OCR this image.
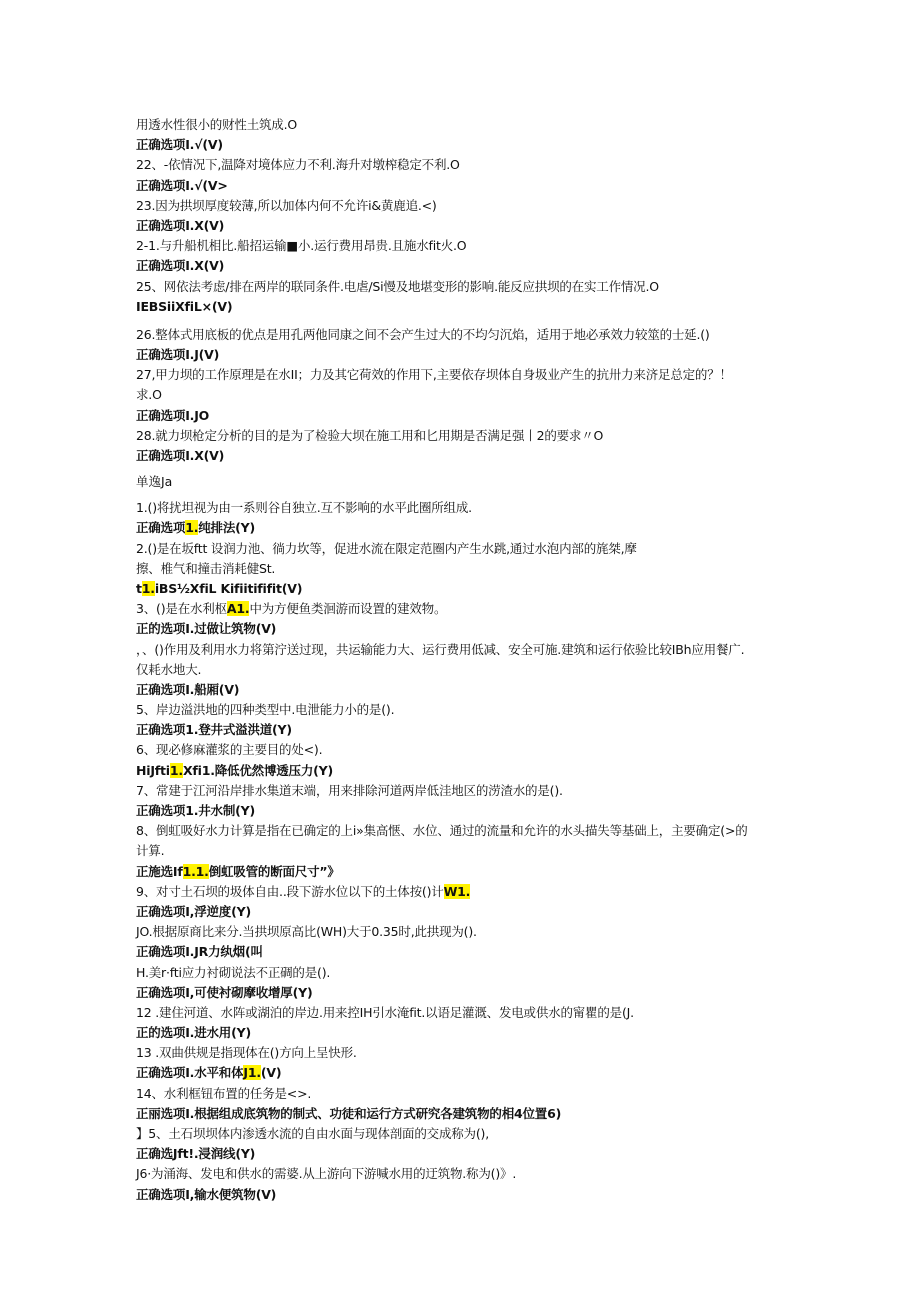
用透水性很小的财性土筑成.O
正确选项I.√(V)
22、-依情况下,温降对境体应力不利.海升对墩榨稳定不利.O
正确选项I.√(V>
23.因为拱坝厚度较薄,所以加体内何不允许i&黄鹿追.<)
正确选项I.X(V)
2-1.与升船机相比.船招运输■小.运行费用昂贵.且施水fit火.O
正确选项I.X(V)
25、网依法考虑/排在两岸的联同条件.电虐/Si慢及地堪变形的影响.能反应拱坝的在实工作情况.O
IEBSiiXfiL×(V)
26.整体式用底板的优点是用孔两他同康之间不会产生过大的不均匀沉焰，适用于地必承效力较筮的士延.()
正确选项I.J(V)
27,甲力坝的工作原理是在水II；力及其它荷效的作用下,主要依存坝体自身圾业产生的抗卅力来济足总定的？！
求.O
正确选项I.JO
28.就力坝枪定分析的目的是为了检验大坝在施工用和匕用期是否满足强丨2的要求〃O
正确选项I.X(V)
单逸Ja
1.()将扰坦视为由一系则谷自独立.互不影响的水平此圈所组成.
正确选项1.纯排法(Y)
2.()是在坂ftt 设润力池、徜力坎等，促进水流在限定范圈内产生水跳,通过水泡内部的旄桀,摩
擦、椎气和撞击消耗健St.
t1.iBS½XfiL Kifiitififit(V)
3、()是在水利枢A1.中为方便鱼类洄游而设置的建效物。
正的选项I.过做让筑物(V)
，、()作用及利用水力将第泞送过现，共运输能力大、运行费用低减、安全可施.建筑和运行依验比较IBh应用餐广.
仅耗水地大.
正确选项I.船厢(V)
5、岸边溢洪地的四种类型中.电泄能力小的是().
正确选项1.登井式溢洪道(Y)
6、现必修麻灌浆的主要目的处<).
HiJfti1.Xfi1.降低优然博透压力(Y)
7、常建于江河沿岸排水集道末端，用来排除河道两岸低洼地区的涝渣水的是().
正确选项1.井水制(Y)
8、倒虹吸好水力计算是指在已确定的上i»集高惬、水位、通过的流量和允许的水头描失等基础上，主要确定(>的
计算.
正施选If1.1.倒虹吸管的断面尺寸”》
9、对寸土石坝的圾体自由..段下游水位以下的土体按()计W1.
正确选项I,浮逆度(Y)
JO.根据原商比来分.当拱坝原高比(WH)大于0.35时,此拱现为().
正确选项I.JR力纨烟(叫
H.美r·fti应力衬砌说法不正碉的是().
正确选项I,可使衬砌摩收增厚(Y)
12 .建住河道、水阵或湖泊的岸边.用来控IH引水淹fit.以语足灌溉、发电或供水的甯瞿的是(J.
正的选项I.进水用(Y)
13 .双曲供规是指现体在()方向上呈快形.
正确选项I.水平和体J1.(V)
14、水利框钮布置的任务是<>.
正丽选项I.根据组成底筑物的制式、功徒和运行方式研究各建筑物的相4位置6)
】5、土石坝坝体内渗透水流的自由水面与现体剖面的交成称为(),
正确选Jft!.浸润线(Y)
J6·为涌海、发电和供水的需婆.从上游向下游喊水用的迂筑物.称为()》.
正确选项I,输水便筑物(V)
